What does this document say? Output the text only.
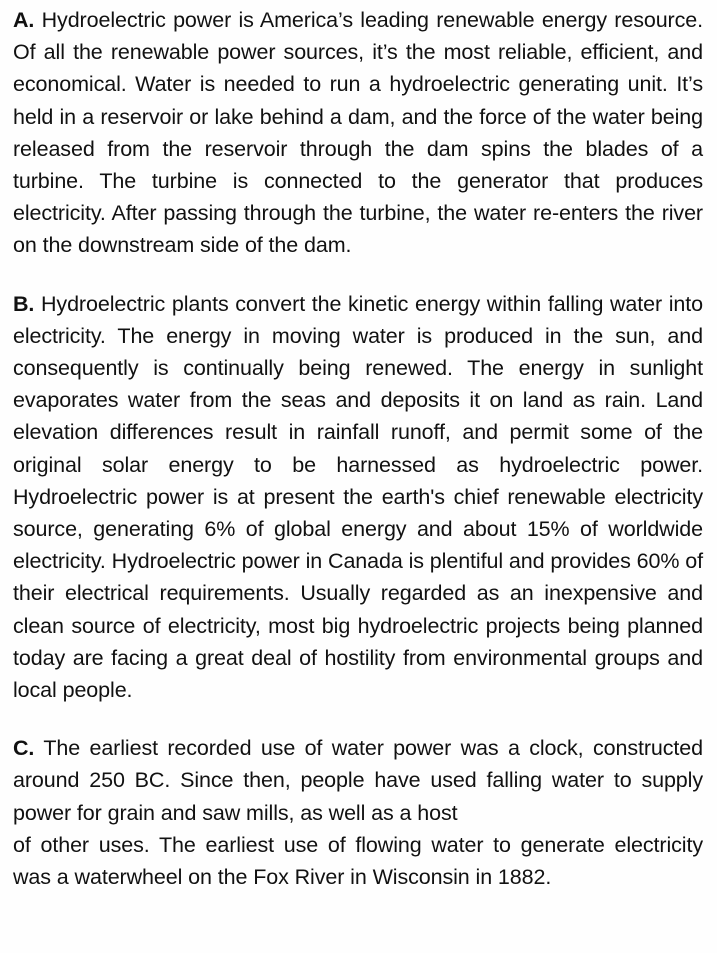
A. Hydroelectric power is America’s leading renewable energy resource. Of all the renewable power sources, it’s the most reliable, efficient, and economical. Water is needed to run a hydroelectric generating unit. It’s held in a reservoir or lake behind a dam, and the force of the water being released from the reservoir through the dam spins the blades of a turbine. The turbine is connected to the generator that produces electricity. After passing through the turbine, the water re-enters the river on the downstream side of the dam.

B. Hydroelectric plants convert the kinetic energy within falling water into electricity. The energy in moving water is produced in the sun, and consequently is continually being renewed. The energy in sunlight evaporates water from the seas and deposits it on land as rain. Land elevation differences result in rainfall runoff, and permit some of the original solar energy to be harnessed as hydroelectric power. Hydroelectric power is at present the earth's chief renewable electricity source, generating 6% of global energy and about 15% of worldwide electricity. Hydroelectric power in Canada is plentiful and provides 60% of their electrical requirements. Usually regarded as an inexpensive and clean source of electricity, most big hydroelectric projects being planned today are facing a great deal of hostility from environmental groups and local people.

C. The earliest recorded use of water power was a clock, constructed around 250 BC. Since then, people have used falling water to supply power for grain and saw mills, as well as a host

of other uses. The earliest use of flowing water to generate electricity was a waterwheel on the Fox River in Wisconsin in 1882.
